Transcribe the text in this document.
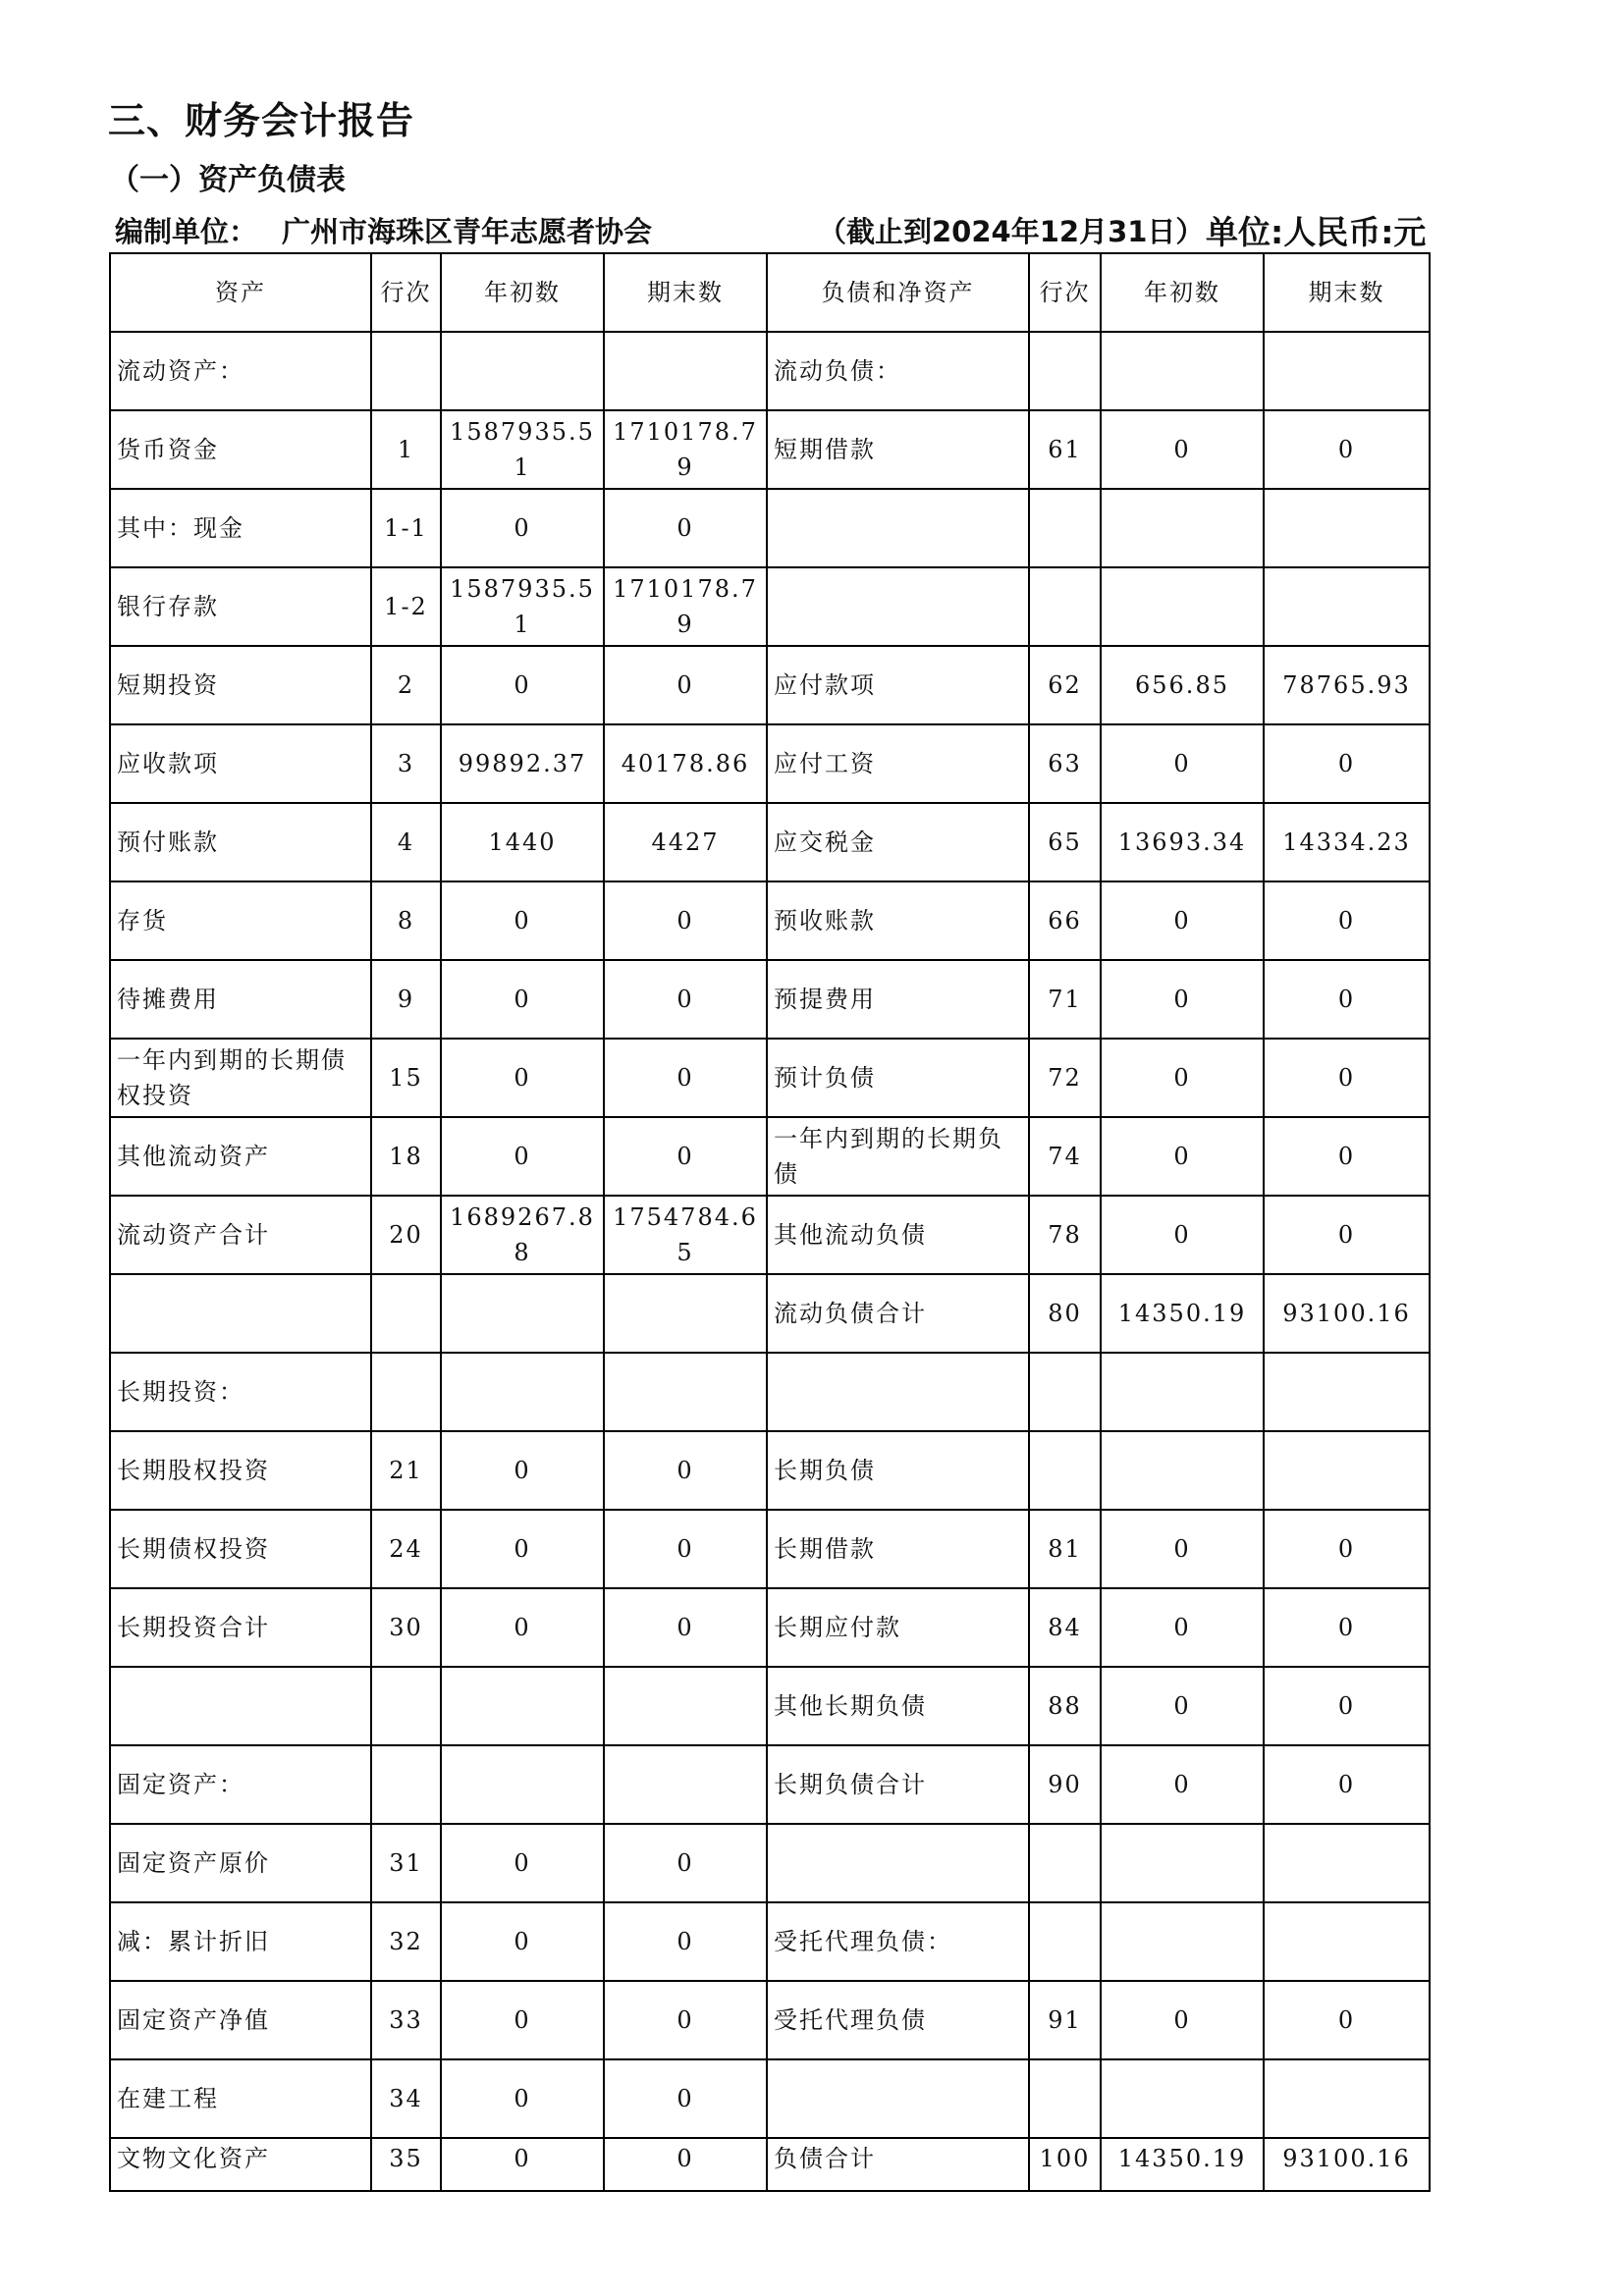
三、财务会计报告
（一）资产负债表
编制单位： 广州市海珠区青年志愿者协会	（截止到2024年12月31日） 单位:人民币:元
资产	行次	年初数	期末数	负债和净资产	行次	年初数	期末数
流动资产：				流动负债：			
货币资金	1	1587935.51	1710178.79	短期借款	61	0	0
其中：现金	1-1	0	0				
银行存款	1-2	1587935.51	1710178.79				
短期投资	2	0	0	应付款项	62	656.85	78765.93
应收款项	3	99892.37	40178.86	应付工资	63	0	0
预付账款	4	1440	4427	应交税金	65	13693.34	14334.23
存货	8	0	0	预收账款	66	0	0
待摊费用	9	0	0	预提费用	71	0	0
一年内到期的长期债权投资	15	0	0	预计负债	72	0	0
其他流动资产	18	0	0	一年内到期的长期负债	74	0	0
流动资产合计	20	1689267.88	1754784.65	其他流动负债	78	0	0
				流动负债合计	80	14350.19	93100.16
长期投资：							
长期股权投资	21	0	0	长期负债			
长期债权投资	24	0	0	长期借款	81	0	0
长期投资合计	30	0	0	长期应付款	84	0	0
				其他长期负债	88	0	0
固定资产：				长期负债合计	90	0	0
固定资产原价	31	0	0				
减：累计折旧	32	0	0	受托代理负债：			
固定资产净值	33	0	0	受托代理负债	91	0	0
在建工程	34	0	0				
文物文化资产	35	0	0	负债合计	100	14350.19	93100.16
